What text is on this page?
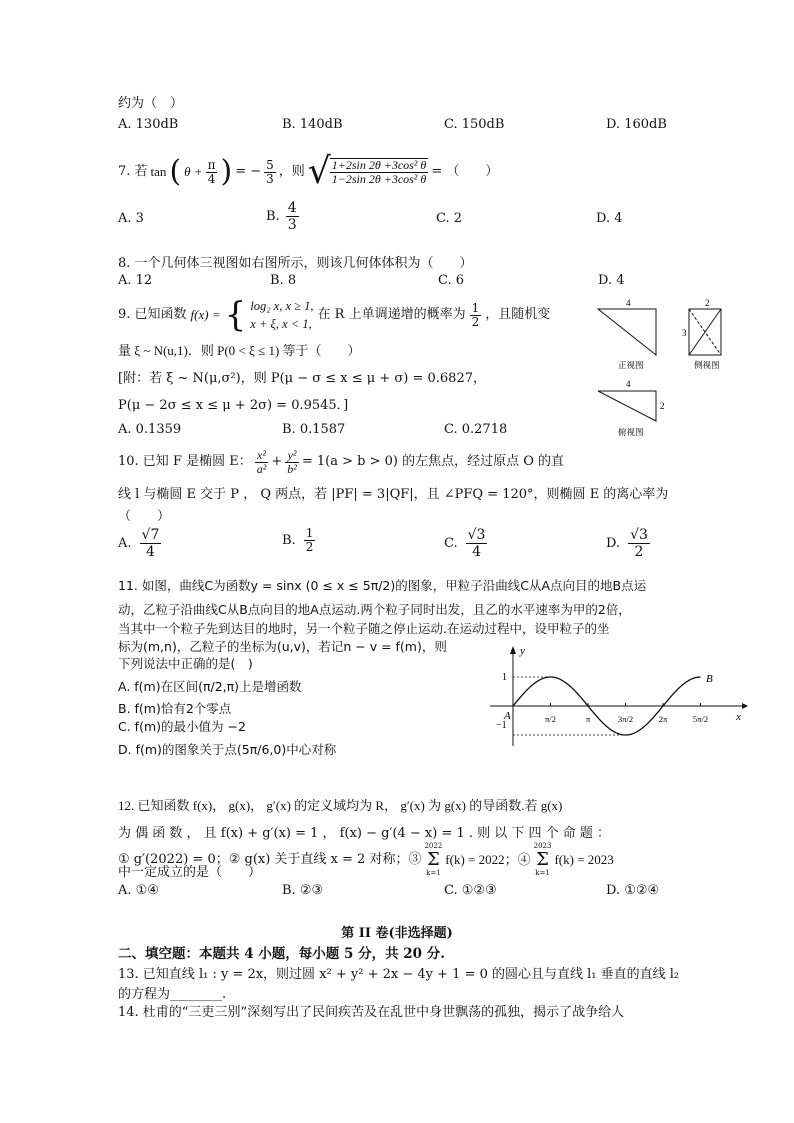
约为（　）
A. 130dB	B. 140dB	C. 150dB	D. 160dB
7. 若 tan ( $\theta + \frac{\pi}{4}$ ) = − $\frac{5}{3}$ ，则 √ $\frac{\text{1+2sin 2θ +3cos² θ}}{\text{1−2sin 2θ +3cos² θ}}$ = （　　）
A. 3	B. $\frac{4}{3}$	C. 2	D. 4
8. 一个几何体三视图如右图所示，则该几何体体积为（　　）
A. 12	B. 8	C. 6	D. 4
9. 已知函数 f(x) = { log₂ x, x ≥ 1,
x + ξ, x < 1,
在 R 上单调递增的概率为 $\frac{1}{2}$ ，且随机变
量 ξ ~ N(u,1)．则 P(0 < ξ ≤ 1) 等于（　　）
[附：若 ξ ~ N(μ,σ²)，则 P(μ − σ ≤ x ≤ μ + σ) = 0.6827，
P(μ − 2σ ≤ x ≤ μ + 2σ) = 0.9545．]
A. 0.1359	B. 0.1587	C. 0.2718
4
正视图
2
3
侧视图
4
2
俯视图
10. 已知 F 是椭圆 E： $\frac{\text{x²}}{\text{a²}} + \frac{\text{y²}}{\text{b²}} = 1(a > b > 0)$ 的左焦点，经过原点 O 的直
线 l 与椭圆 E 交于 P ， Q 两点，若 |PF| = 3|QF|，且 ∠PFQ = 120°，则椭圆 E 的离心率为
（　　）
A. $\frac{√7}{4}$	B. $\frac{1}{2}$	C. $\frac{√3}{4}$	D. $\frac{√3}{2}$
11. 如图，曲线C为函数y = sinx (0 ≤ x ≤ 5π/2)的图象，甲粒子沿曲线C从A点向目的地B点运
动，乙粒子沿曲线C从B点向目的地A点运动.两个粒子同时出发，且乙的水平速率为甲的2倍，
当其中一个粒子先到达目的地时，另一个粒子随之停止运动.在运动过程中，设甲粒子的坐
标为(m,n)，乙粒子的坐标为(u,v)，若记n − v = f(m)，则
下列说法中正确的是(　)
A. f(m)在区间(π/2,π)上是增函数
B. f(m)恰有2个零点
C. f(m)的最小值为 −2
D. f(m)的图象关于点(5π/6,0)中心对称
y
x
1
−1
A
B
π/2	π	3π/2	2π	5π/2
12. 已知函数 f(x)， g(x)， g′(x) 的定义域均为 R， g′(x) 为 g(x) 的导函数.若 g(x)
为 偶 函 数 ， 且 f(x) + g′(x) = 1 ， f(x) − g′(4 − x) = 1 . 则 以 下 四 个 命 题 ：
① g′(2022) = 0；② g(x) 关于直线 x = 2 对称；③
2022
Σ
k=1
f(k) = 2022；④
2023
Σ
k=1
f(k) = 2023
中一定成立的是（　　）
A. ①④	B. ②③	C. ①②③	D. ①②④
第 II 卷(非选择题)
二、填空题：本题共 4 小题，每小题 5 分，共 20 分.
13. 已知直线 l₁ : y = 2x，则过圆 x² + y² + 2x − 4y + 1 = 0 的圆心且与直线 l₁ 垂直的直线 l₂
的方程为________.
14. 杜甫的“三吏三别”深刻写出了民间疾苦及在乱世中身世飘荡的孤独，揭示了战争给人
